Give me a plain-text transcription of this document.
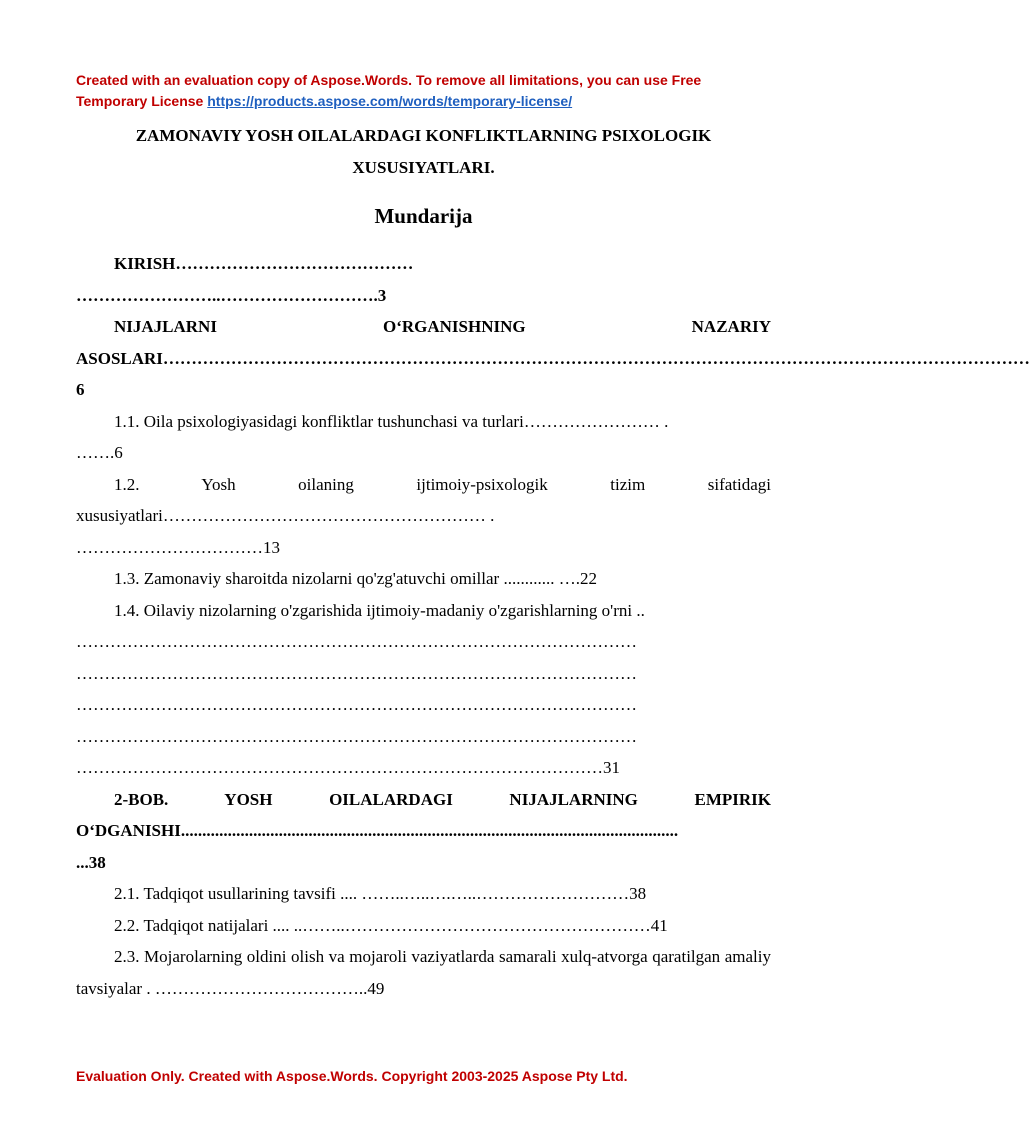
Created with an evaluation copy of Aspose.Words. To remove all limitations, you can use Free Temporary License https://products.aspose.com/words/temporary-license/
ZAMONAVIY YOSH OILALARDAGI KONFLIKTLARNING PSIXOLOGIK
XUSUSIYATLARI.
Mundarija

KIRISH……………………………………
……………………..……………………….3

NIJAJLARNI O‘RGANISHNING NAZARIY ASOSLARI……………………………………………………………………………………………………………………………………… 6

1.1. Oila psixologiyasidagi konfliktlar tushunchasi va turlari…………………… .
…….6

1.2. Yosh oilaning ijtimoiy-psixologik tizim sifatidagi xususiyatlari………………………………………………… .
……………………………13

1.3. Zamonaviy sharoitda nizolarni qo'zg'atuvchi omillar ............ ….22

1.4. Oilaviy nizolarning o'zgarishida ijtimoiy-madaniy o'zgarishlarning o'rni ..
………………………………………………………………………………………
………………………………………………………………………………………
………………………………………………………………………………………
………………………………………………………………………………………
…………………………………………………………………………………31

2-BOB. YOSH OILALARDAGI NIJAJLARNING EMPIRIK O‘DGANISHI.....................................................................................................................
...38

2.1. Tadqiqot usullarining tavsifi .... ……..…..….…..………………………38

2.2. Tadqiqot natijalari .... ..……..………………………………………………41

2.3. Mojarolarning oldini olish va mojaroli vaziyatlarda samarali xulq-atvorga qaratilgan amaliy tavsiyalar . ………………………………..49

Evaluation Only. Created with Aspose.Words. Copyright 2003-2025 Aspose Pty Ltd.
